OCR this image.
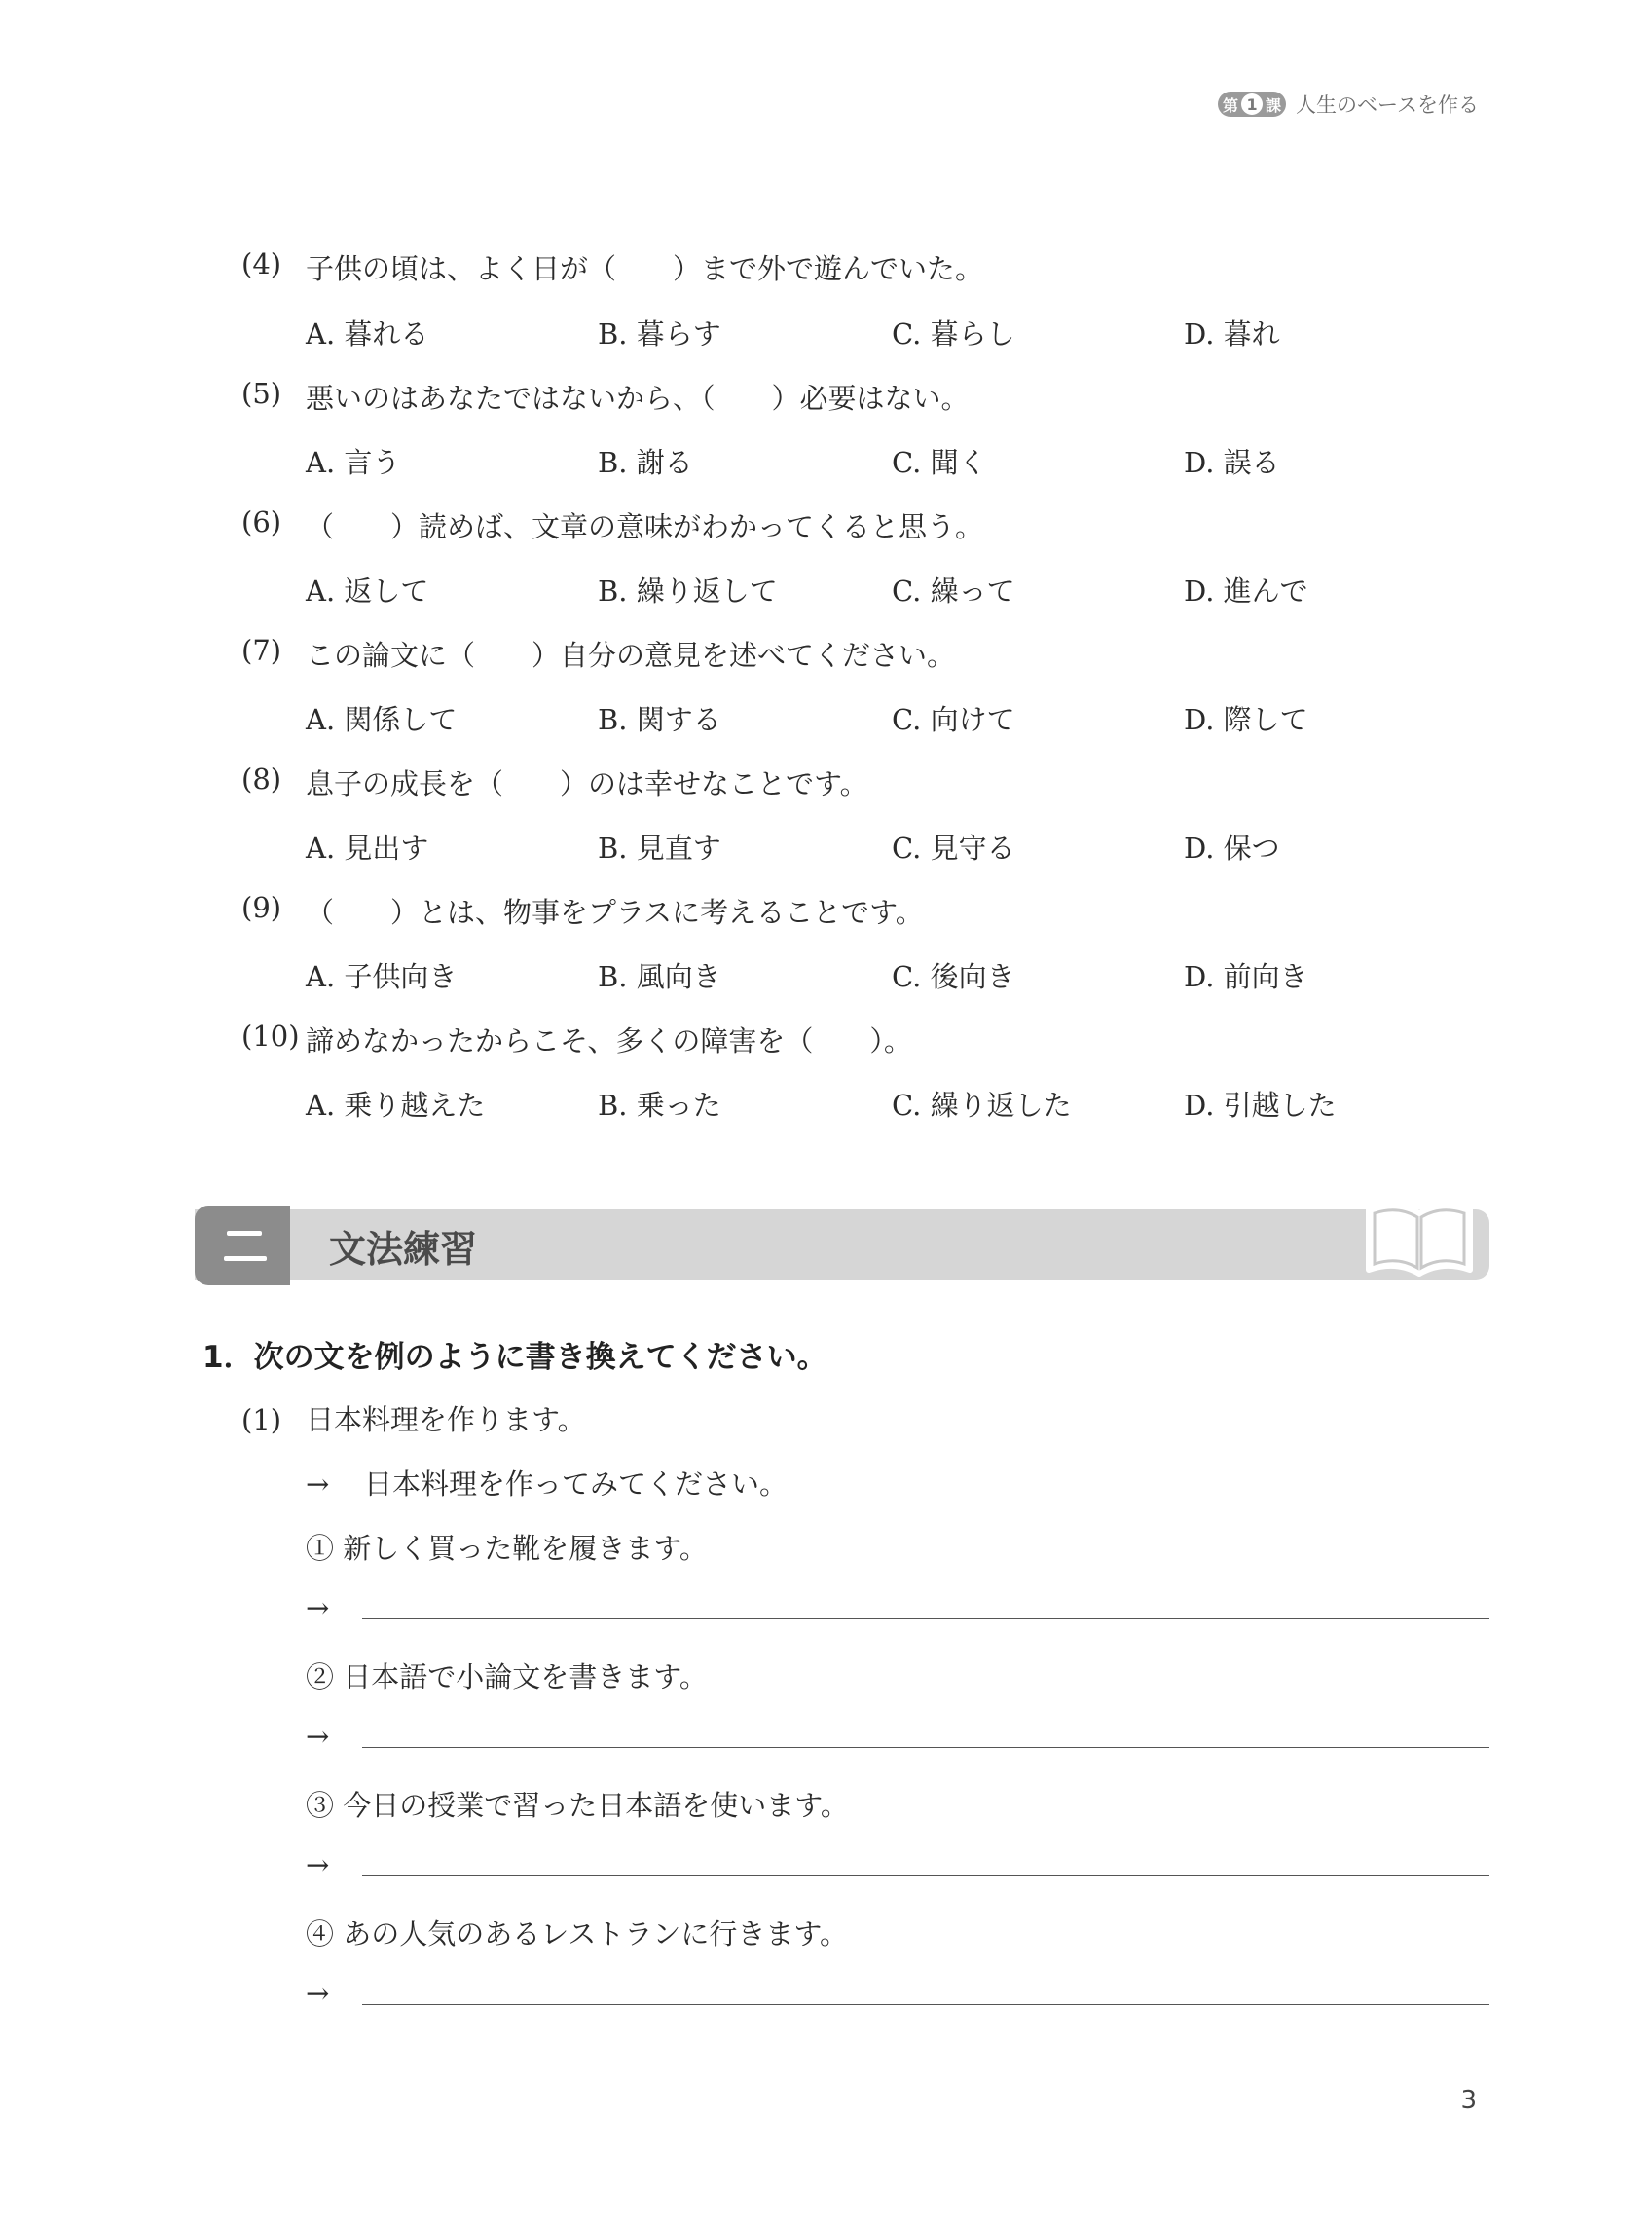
第 1 課 人生のベースを作る
(4) 子供の頃は、よく日が（　　）まで外で遊んでいた。
A. 暮れる	B. 暮らす	C. 暮らし	D. 暮れ
(5) 悪いのはあなたではないから、（　　）必要はない。
A. 言う	B. 謝る	C. 聞く	D. 誤る
(6) （　　）読めば、文章の意味がわかってくると思う。
A. 返して	B. 繰り返して	C. 繰って	D. 進んで
(7) この論文に（　　）自分の意見を述べてください。
A. 関係して	B. 関する	C. 向けて	D. 際して
(8) 息子の成長を（　　）のは幸せなことです。
A. 見出す	B. 見直す	C. 見守る	D. 保つ
(9) （　　）とは、物事をプラスに考えることです。
A. 子供向き	B. 風向き	C. 後向き	D. 前向き
(10) 諦めなかったからこそ、多くの障害を（　　）。
A. 乗り越えた	B. 乗った	C. 繰り返した	D. 引越した
文法練習
1．次の文を例のように書き換えてください。
(1) 日本料理を作ります。
→ 日本料理を作ってみてください。
① 新しく買った靴を履きます。
→
② 日本語で小論文を書きます。
→
③ 今日の授業で習った日本語を使います。
→
④ あの人気のあるレストランに行きます。
→
3
